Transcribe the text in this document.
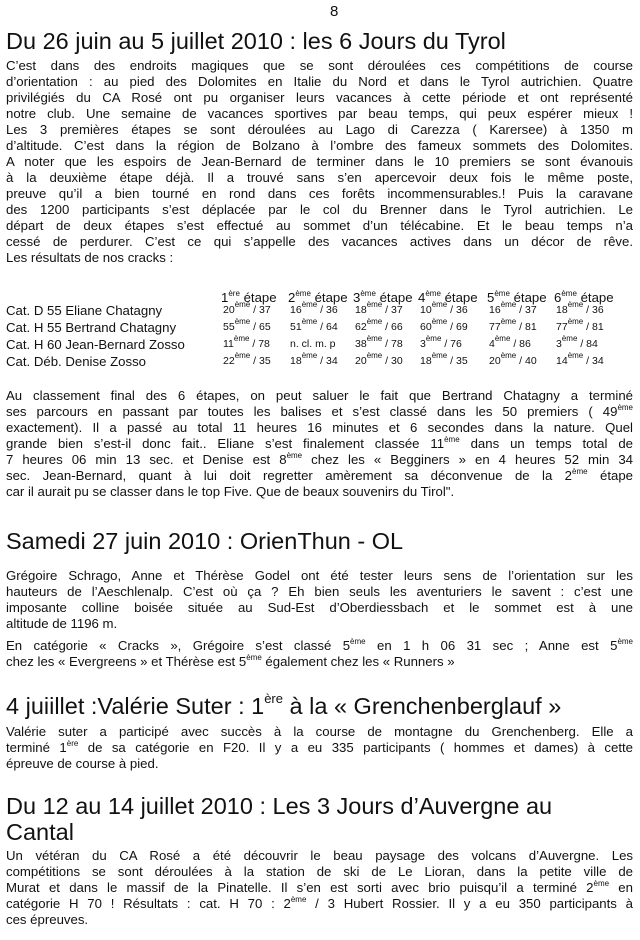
8
Du 26 juin au 5 juillet 2010 : les 6 Jours du Tyrol

C’est dans des endroits magiques que se sont déroulées ces compétitions de course

d’orientation : au pied des Dolomites en Italie du Nord et dans le Tyrol autrichien. Quatre

privilégiés du CA Rosé ont pu organiser leurs vacances à cette période et ont représenté

notre club. Une semaine de vacances sportives par beau temps, qui peux espérer mieux !

Les 3 premières étapes se sont déroulées au Lago di Carezza ( Karersee) à 1350 m

d’altitude. C’est dans la région de Bolzano à l’ombre des fameux sommets des Dolomites.

A noter que les espoirs de Jean-Bernard de terminer dans le 10 premiers se sont évanouis

à la deuxième étape déjà. Il a trouvé sans s’en apercevoir deux fois le même poste,

preuve qu’il a bien tourné en rond dans ces forêts incommensurables.! Puis la caravane

des 1200 participants s’est déplacée par le col du Brenner dans le Tyrol autrichien. Le

départ de deux étapes s’est effectué au sommet d’un télécabine. Et le beau temps n’a

cessé de perdurer. C’est ce qui s’appelle des vacances actives dans un décor de rêve.

Les résultats de nos cracks :

1ère étape 2ème étape 3ème étape 4ème étape 5ème étape 6ème étape
Cat. D 55 Eliane Chatagny	20ème / 37 16ème / 36 18ème / 37 10ème / 36 16ème / 37 18ème / 36
Cat. H 55 Bertrand Chatagny	55ème / 65 51ème / 64 62ème / 66 60ème / 69 77ème / 81 77ème / 81
Cat. H 60 Jean-Bernard Zosso	11ème / 78 n. cl. m. p 38ème / 78 3ème / 76	4ème / 86 3ème / 84
Cat. Déb. Denise Zosso	22ème / 35 18ème / 34 20ème / 30 18ème / 35 20ème / 40 14ème / 34

Au classement final des 6 étapes, on peut saluer le fait que Bertrand Chatagny a terminé

ses parcours en passant par toutes les balises et s’est classé dans les 50 premiers ( 49ème

exactement). Il a passé au total 11 heures 16 minutes et 6 secondes dans la nature. Quel

grande bien s’est-il donc fait.. Eliane s’est finalement classée 11ème dans un temps total de

7 heures 06 min 13 sec. et Denise est 8ème chez les « Begginers » en 4 heures 52 min 34

sec. Jean-Bernard, quant à lui doit regretter amèrement sa déconvenue de la 2ème étape

car il aurait pu se classer dans le top Five. Que de beaux souvenirs du Tirol".

Samedi 27 juin 2010 : OrienThun - OL

Grégoire Schrago, Anne et Thérèse Godel ont été tester leurs sens de l’orientation sur les

hauteurs de l’Aeschlenalp. C’est où ça ? Eh bien seuls les aventuriers le savent : c’est une

imposante colline boisée située au Sud-Est d’Oberdiessbach et le sommet est à une

altitude de 1196 m.

En catégorie « Cracks », Grégoire s’est classé 5ème en 1 h 06 31 sec ; Anne est 5ème

chez les « Evergreens » et Thérèse est 5ème également chez les « Runners »

4 juiillet :Valérie Suter : 1ère à la « Grenchenberglauf »

Valérie suter a participé avec succès à la course de montagne du Grenchenberg. Elle a

terminé 1ère de sa catégorie en F20. Il y a eu 335 participants ( hommes et dames) à cette

épreuve de course à pied.

Du 12 au 14 juillet 2010 : Les 3 Jours d’Auvergne au
Cantal

Un vétéran du CA Rosé a été découvrir le beau paysage des volcans d’Auvergne. Les

compétitions se sont déroulées à la station de ski de Le Lioran, dans la petite ville de

Murat et dans le massif de la Pinatelle. Il s’en est sorti avec brio puisqu’il a terminé 2ème en

catégorie H 70 ! Résultats : cat. H 70 : 2ème / 3 Hubert Rossier. Il y a eu 350 participants à

ces épreuves.
